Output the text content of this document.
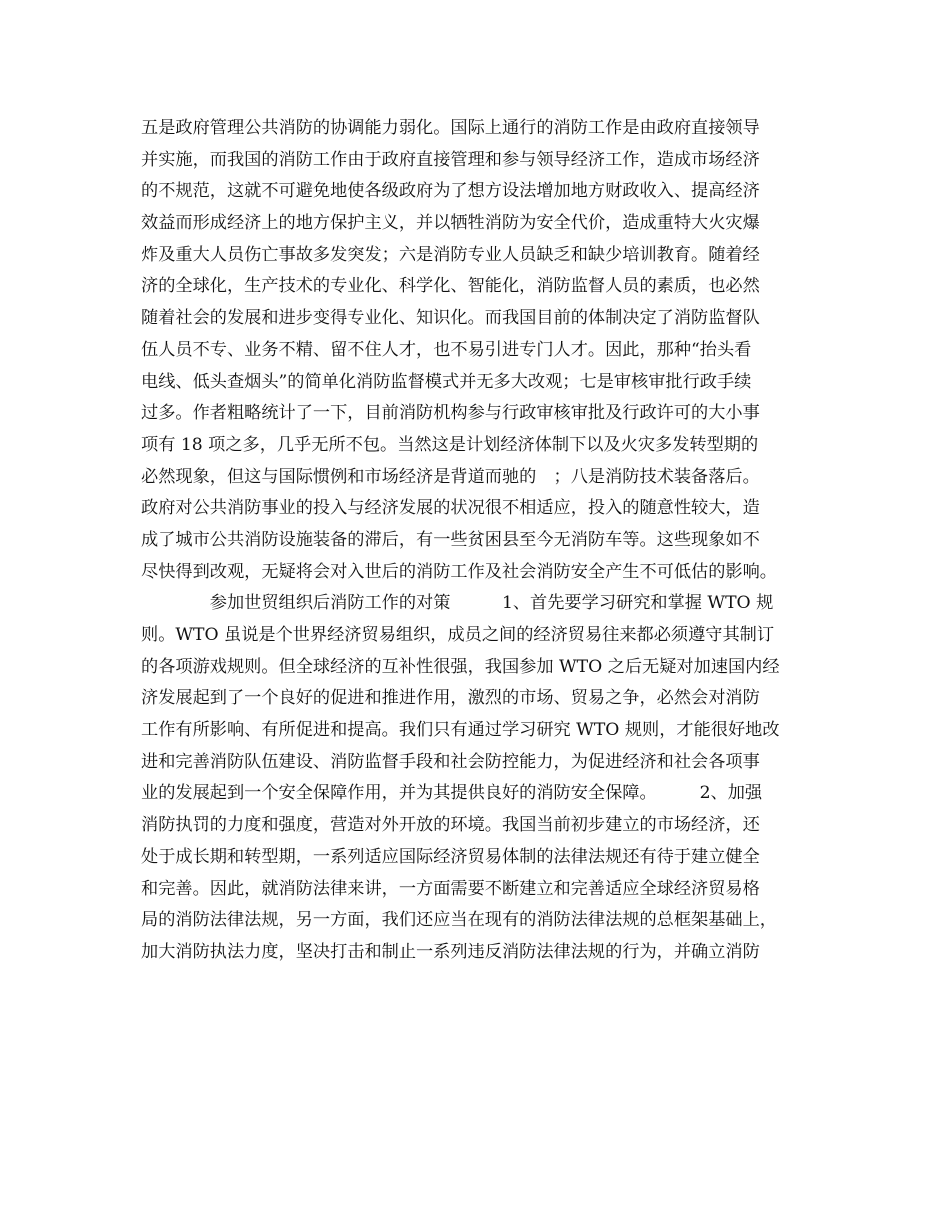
五是政府管理公共消防的协调能力弱化。国际上通行的消防工作是由政府直接领导
并实施，而我国的消防工作由于政府直接管理和参与领导经济工作，造成市场经济
的不规范，这就不可避免地使各级政府为了想方设法增加地方财政收入、提高经济
效益而形成经济上的地方保护主义，并以牺牲消防为安全代价，造成重特大火灾爆
炸及重大人员伤亡事故多发突发；六是消防专业人员缺乏和缺少培训教育。随着经
济的全球化，生产技术的专业化、科学化、智能化，消防监督人员的素质，也必然
随着社会的发展和进步变得专业化、知识化。而我国目前的体制决定了消防监督队
伍人员不专、业务不精、留不住人才，也不易引进专门人才。因此，那种“抬头看
电线、低头查烟头”的简单化消防监督模式并无多大改观；七是审核审批行政手续
过多。作者粗略统计了一下，目前消防机构参与行政审核审批及行政许可的大小事
项有 18 项之多，几乎无所不包。当然这是计划经济体制下以及火灾多发转型期的
必然现象，但这与国际惯例和市场经济是背道而驰的　；八是消防技术装备落后。
政府对公共消防事业的投入与经济发展的状况很不相适应，投入的随意性较大，造
成了城市公共消防设施装备的滞后，有一些贫困县至今无消防车等。这些现象如不
尽快得到改观，无疑将会对入世后的消防工作及社会消防安全产生不可低估的影响。
　　　　参加世贸组织后消防工作的对策　　　1、首先要学习研究和掌握 WTO 规
则。WTO 虽说是个世界经济贸易组织，成员之间的经济贸易往来都必须遵守其制订
的各项游戏规则。但全球经济的互补性很强，我国参加 WTO 之后无疑对加速国内经
济发展起到了一个良好的促进和推进作用，激烈的市场、贸易之争，必然会对消防
工作有所影响、有所促进和提高。我们只有通过学习研究 WTO 规则，才能很好地改
进和完善消防队伍建设、消防监督手段和社会防控能力，为促进经济和社会各项事
业的发展起到一个安全保障作用，并为其提供良好的消防安全保障。　　　2、加强
消防执罚的力度和强度，营造对外开放的环境。我国当前初步建立的市场经济，还
处于成长期和转型期，一系列适应国际经济贸易体制的法律法规还有待于建立健全
和完善。因此，就消防法律来讲，一方面需要不断建立和完善适应全球经济贸易格
局的消防法律法规，另一方面，我们还应当在现有的消防法律法规的总框架基础上，
加大消防执法力度，坚决打击和制止一系列违反消防法律法规的行为，并确立消防
